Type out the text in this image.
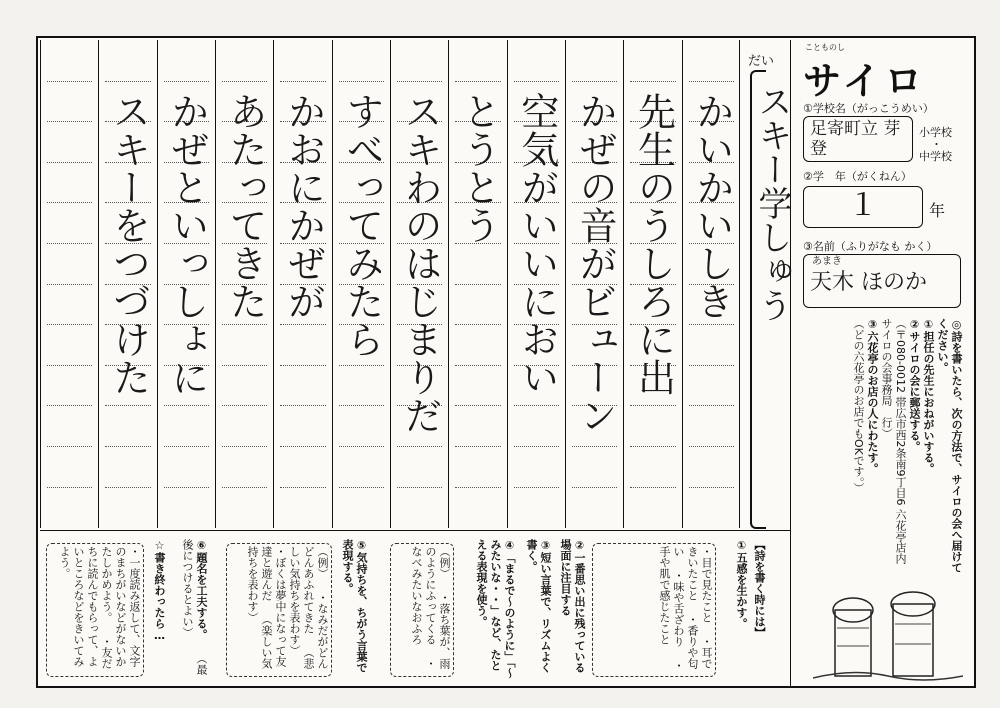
かいかいしき
先生のうしろに出
かぜの音がビューン
空気がいいにおい
とうとう
スキわのはじまりだ
すべってみたら
かおにかぜが
あたってきた
かぜといっしょに
スキーをつづけた
だい
スキー学しゅう
【詩を書く時には】
①五感を生かす。
・目で見たこと ・耳できいたこと ・香りや匂い ・味や舌ざわり ・手や肌で感じたこと
②一番思い出に残っている場面に注目する
③短い言葉で、リズムよく書く。
④「まるで〜のように」「〜みたいな・・」など、たとえる表現を使う。
（例） ・落ち葉が、雨のようにふってくる ・なべみたいなおふろ
⑤気持ちを、ちがう言葉で表現する。
（例） ・なみだがどんどんあふれてきた （悲しい気持ちを表わす） ・ぼくは夢中になって友達と遊んだ （楽しい気持ちを表わす）
⑥題名を工夫する。 （最後につけるとよい）
☆書き終わったら…
・一度読み返して、文字のまちがいなどがないかたしかめよう。 ・友だちに読んでもらって、よいところなどをきいてみよう。
ことものし
サイロ
①学校名（がっこうめい）
足寄町立 芽登
小学校
・
中学校
②学　年（がくねん）
１	年
③名前（ふりがなも かく）
あまき
天木 ほのか
◎詩を書いたら、次の方法で、サイロの会へ届けてください。
①担任の先生におねがいする。
②サイロの会に郵送する。
（〒080-0012 帯広市西2条南9丁目6 六花亭店内
サイロの会事務局　行）
③六花亭のお店の人にわたす。
（どの六花亭のお店でもOKです。）
